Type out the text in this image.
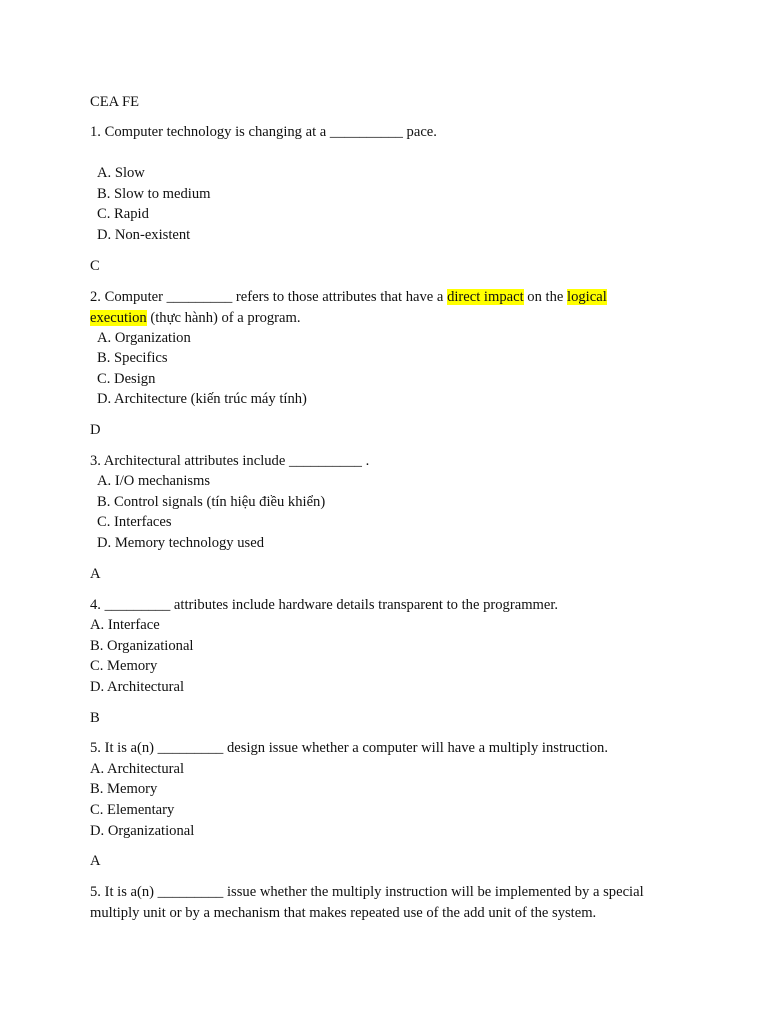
CEA FE
1. Computer technology is changing at a __________ pace.
A. Slow
B. Slow to medium
C. Rapid
D. Non-existent
C
2. Computer _________ refers to those attributes that have a direct impact on the logical
execution (thực hành) of a program.
A. Organization
B. Specifics
C. Design
D. Architecture (kiến trúc máy tính)
D
3. Architectural attributes include __________ .
A. I/O mechanisms
B. Control signals (tín hiệu điều khiển)
C. Interfaces
D. Memory technology used
A
4. _________ attributes include hardware details transparent to the programmer.
A. Interface
B. Organizational
C. Memory
D. Architectural
B
5. It is a(n) _________ design issue whether a computer will have a multiply instruction.
A. Architectural
B. Memory
C. Elementary
D. Organizational
A
5. It is a(n) _________ issue whether the multiply instruction will be implemented by a special
multiply unit or by a mechanism that makes repeated use of the add unit of the system.
